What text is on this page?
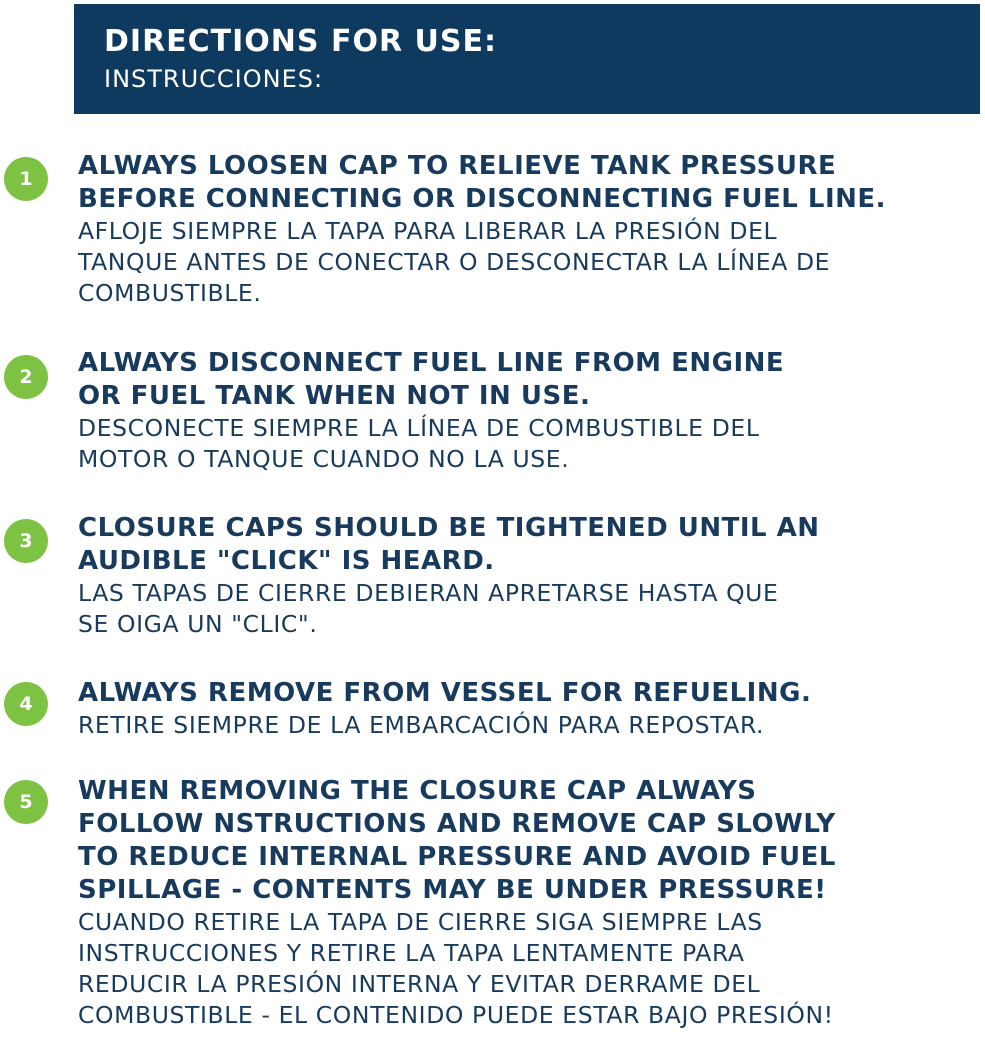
DIRECTIONS FOR USE:
INSTRUCCIONES:
1	ALWAYS LOOSEN CAP TO RELIEVE TANK PRESSURE
BEFORE CONNECTING OR DISCONNECTING FUEL LINE.
AFLOJE SIEMPRE LA TAPA PARA LIBERAR LA PRESIÓN DEL
TANQUE ANTES DE CONECTAR O DESCONECTAR LA LÍNEA DE
COMBUSTIBLE.
2	ALWAYS DISCONNECT FUEL LINE FROM ENGINE
OR FUEL TANK WHEN NOT IN USE.
DESCONECTE SIEMPRE LA LÍNEA DE COMBUSTIBLE DEL
MOTOR O TANQUE CUANDO NO LA USE.
3	CLOSURE CAPS SHOULD BE TIGHTENED UNTIL AN
AUDIBLE "CLICK" IS HEARD.
LAS TAPAS DE CIERRE DEBIERAN APRETARSE HASTA QUE
SE OIGA UN "CLIC".
4	ALWAYS REMOVE FROM VESSEL FOR REFUELING.
RETIRE SIEMPRE DE LA EMBARCACIÓN PARA REPOSTAR.
5	WHEN REMOVING THE CLOSURE CAP ALWAYS
FOLLOW NSTRUCTIONS AND REMOVE CAP SLOWLY
TO REDUCE INTERNAL PRESSURE AND AVOID FUEL
SPILLAGE - CONTENTS MAY BE UNDER PRESSURE!
CUANDO RETIRE LA TAPA DE CIERRE SIGA SIEMPRE LAS
INSTRUCCIONES Y RETIRE LA TAPA LENTAMENTE PARA
REDUCIR LA PRESIÓN INTERNA Y EVITAR DERRAME DEL
COMBUSTIBLE - EL CONTENIDO PUEDE ESTAR BAJO PRESIÓN!
